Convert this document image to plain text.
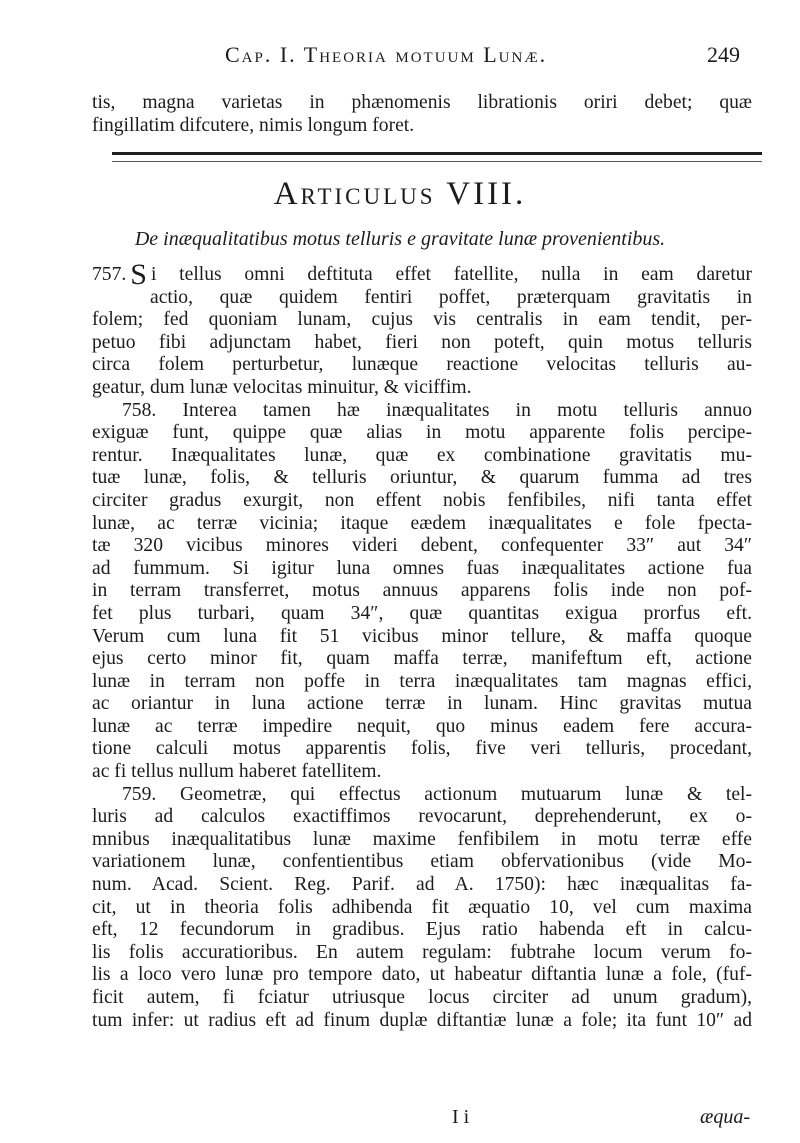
Cap. I. Theoria motuum Lunæ.	249
tis, magna varietas in phænomenis librationis oriri debet; quæ
fingillatim difcutere, nimis longum foret.
Articulus VIII.
De inæqualitatibus motus telluris e gravitate lunæ provenientibus.
757. S i tellus omni deftituta effet fatellite, nulla in eam daretur
actio, quæ quidem fentiri poffet, præterquam gravitatis in
folem; fed quoniam lunam, cujus vis centralis in eam tendit, per-
petuo fibi adjunctam habet, fieri non poteft, quin motus telluris
circa folem perturbetur, lunæque reactione velocitas telluris au-
geatur, dum lunæ velocitas minuitur, & viciffim.
758. Interea tamen hæ inæqualitates in motu telluris annuo
exiguæ funt, quippe quæ alias in motu apparente folis percipe-
rentur. Inæqualitates lunæ, quæ ex combinatione gravitatis mu-
tuæ lunæ, folis, & telluris oriuntur, & quarum fumma ad tres
circiter gradus exurgit, non effent nobis fenfibiles, nifi tanta effet
lunæ, ac terræ vicinia; itaque eædem inæqualitates e fole fpecta-
tæ 320 vicibus minores videri debent, confequenter 33″ aut 34″
ad fummum. Si igitur luna omnes fuas inæqualitates actione fua
in terram transferret, motus annuus apparens folis inde non pof-
fet plus turbari, quam 34″, quæ quantitas exigua prorfus eft.
Verum cum luna fit 51 vicibus minor tellure, & maffa quoque
ejus certo minor fit, quam maffa terræ, manifeftum eft, actione
lunæ in terram non poffe in terra inæqualitates tam magnas effici,
ac oriantur in luna actione terræ in lunam. Hinc gravitas mutua
lunæ ac terræ impedire nequit, quo minus eadem fere accura-
tione calculi motus apparentis folis, five veri telluris, procedant,
ac fi tellus nullum haberet fatellitem.
759. Geometræ, qui effectus actionum mutuarum lunæ & tel-
luris ad calculos exactiffimos revocarunt, deprehenderunt, ex o-
mnibus inæqualitatibus lunæ maxime fenfibilem in motu terræ effe
variationem lunæ, confentientibus etiam obfervationibus (vide Mo-
num. Acad. Scient. Reg. Parif. ad A. 1750): hæc inæqualitas fa-
cit, ut in theoria folis adhibenda fit æquatio 10, vel cum maxima
eft, 12 fecundorum in gradibus. Ejus ratio habenda eft in calcu-
lis folis accuratioribus. En autem regulam: fubtrahe locum verum fo-
lis a loco vero lunæ pro tempore dato, ut habeatur diftantia lunæ a fole, (fuf-
ficit autem, fi fciatur utriusque locus circiter ad unum gradum),
tum infer: ut radius eft ad finum duplæ diftantiæ lunæ a fole; ita funt 10″ ad
I i	æqua-
